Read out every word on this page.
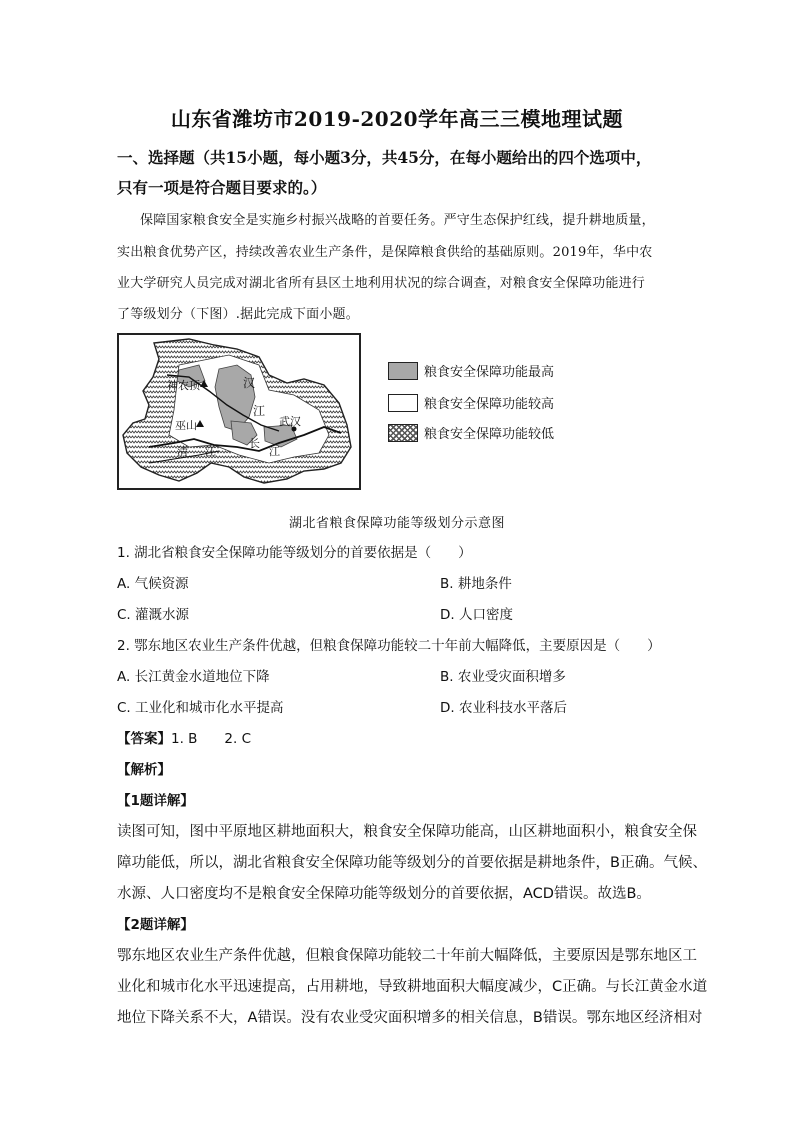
山东省潍坊市2019-2020学年高三三模地理试题
一、选择题（共15小题，每小题3分，共45分，在每小题给出的四个选项中，
只有一项是符合题目要求的。）
保障国家粮食安全是实施乡村振兴战略的首要任务。严守生态保护红线，提升耕地质量，
实出粮食优势产区，持续改善农业生产条件，是保障粮食供给的基础原则。2019年，华中农
业大学研究人员完成对湖北省所有县区土地利用状况的综合调查，对粮食安全保障功能进行
了等级划分（下图）.据此完成下面小题。
神农顶	汉
江
巫山	武汉
清 江
长
江
粮食安全保障功能最高
粮食安全保障功能较高
粮食安全保障功能较低
湖北省粮食保障功能等级划分示意图
1. 湖北省粮食安全保障功能等级划分的首要依据是（　　）
A. 气候资源	B. 耕地条件
C. 灌溉水源	D. 人口密度
2. 鄂东地区农业生产条件优越，但粮食保障功能较二十年前大幅降低，主要原因是（　　）
A. 长江黄金水道地位下降	B. 农业受灾面积增多
C. 工业化和城市化水平提高	D. 农业科技水平落后
【答案】1. B　　2. C
【解析】
【1题详解】
读图可知，图中平原地区耕地面积大，粮食安全保障功能高，山区耕地面积小，粮食安全保
障功能低，所以，湖北省粮食安全保障功能等级划分的首要依据是耕地条件，B正确。气候、
水源、人口密度均不是粮食安全保障功能等级划分的首要依据，ACD错误。故选B。
【2题详解】
鄂东地区农业生产条件优越，但粮食保障功能较二十年前大幅降低，主要原因是鄂东地区工
业化和城市化水平迅速提高，占用耕地，导致耕地面积大幅度减少，C正确。与长江黄金水道
地位下降关系不大，A错误。没有农业受灾面积增多的相关信息，B错误。鄂东地区经济相对
